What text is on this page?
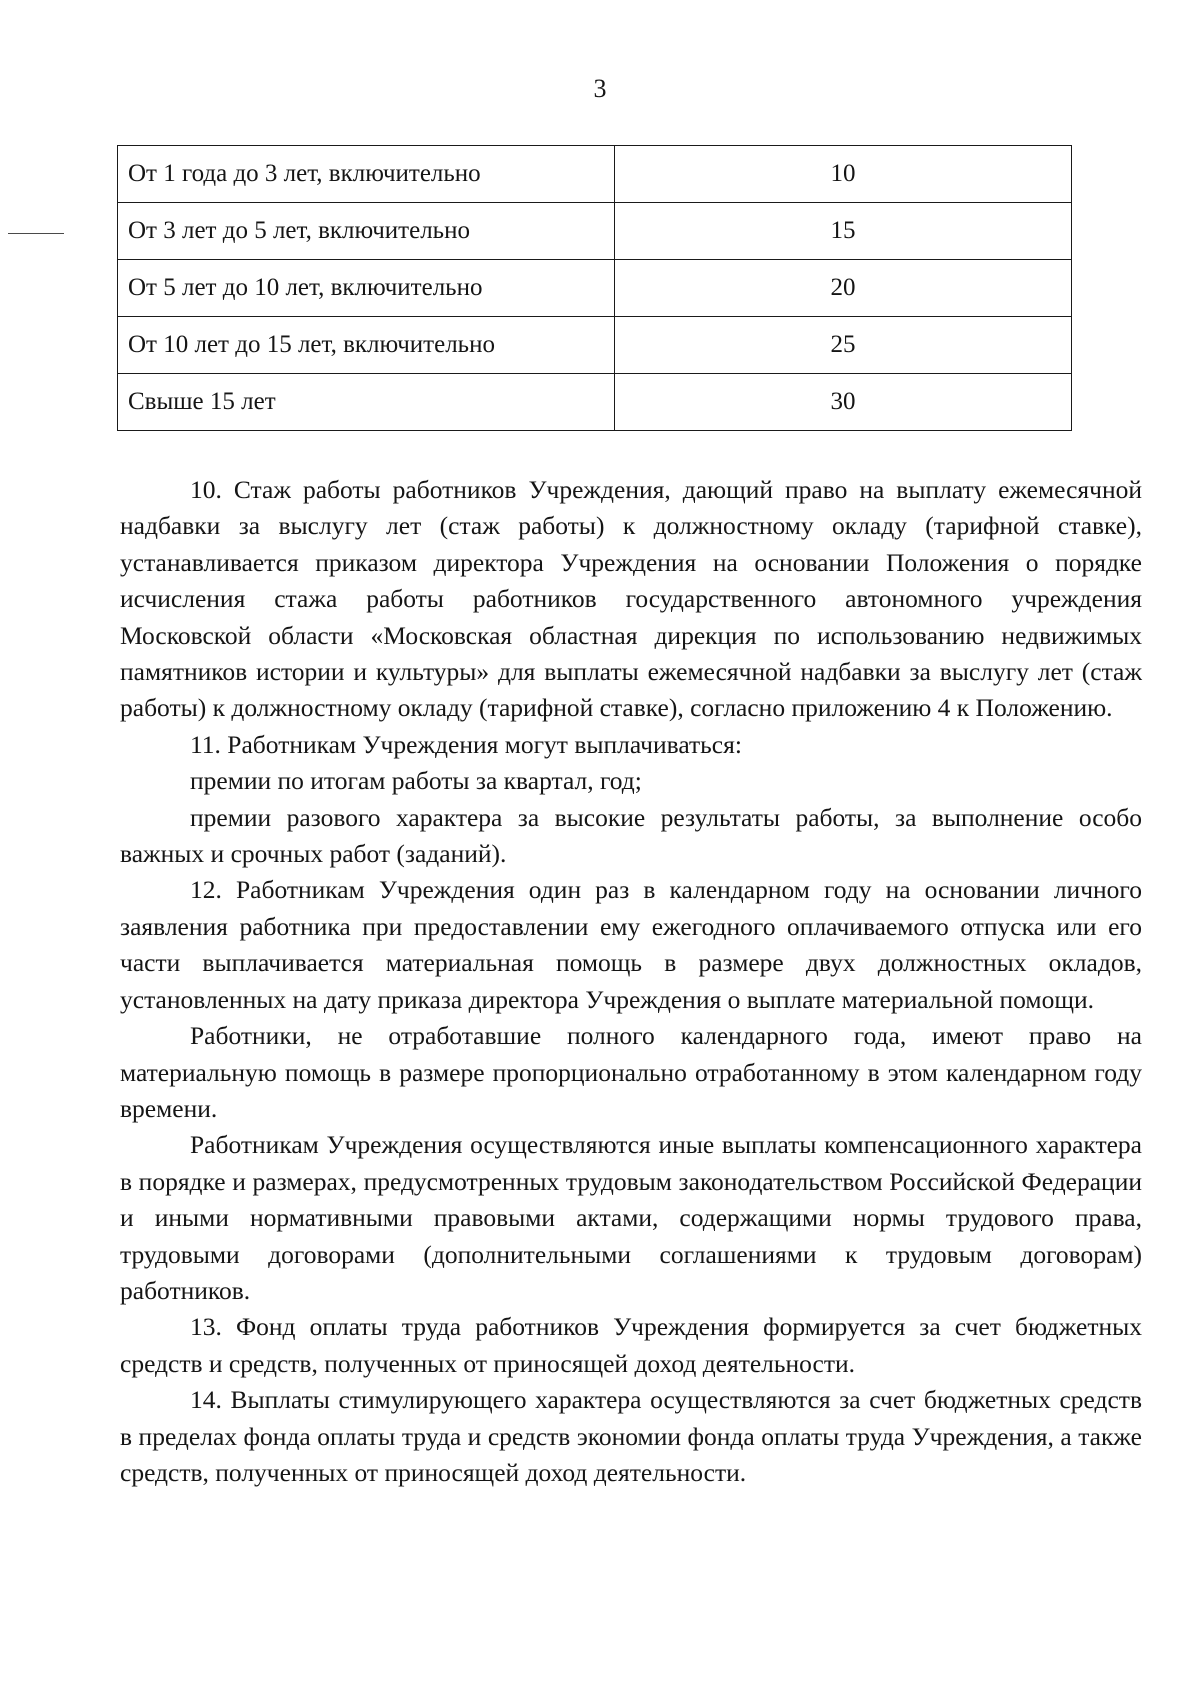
3
От 1 года до 3 лет, включительно	10
От 3 лет до 5 лет, включительно	15
От 5 лет до 10 лет, включительно	20
От 10 лет до 15 лет, включительно	25
Свыше 15 лет	30

10. Стаж работы работников Учреждения, дающий право на выплату ежемесячной надбавки за выслугу лет (стаж работы) к должностному окладу (тарифной ставке), устанавливается приказом директора Учреждения на основании Положения о порядке исчисления стажа работы работников государственного автономного учреждения Московской области «Московская областная дирекция по использованию недвижимых памятников истории и культуры» для выплаты ежемесячной надбавки за выслугу лет (стаж работы) к должностному окладу (тарифной ставке), согласно приложению 4 к Положению.

11. Работникам Учреждения могут выплачиваться:

премии по итогам работы за квартал, год;

премии разового характера за высокие результаты работы, за выполнение особо важных и срочных работ (заданий).

12. Работникам Учреждения один раз в календарном году на основании личного заявления работника при предоставлении ему ежегодного оплачиваемого отпуска или его части выплачивается материальная помощь в размере двух должностных окладов, установленных на дату приказа директора Учреждения о выплате материальной помощи.

Работники, не отработавшие полного календарного года, имеют право на материальную помощь в размере пропорционально отработанному в этом календарном году времени.

Работникам Учреждения осуществляются иные выплаты компенсационного характера в порядке и размерах, предусмотренных трудовым законодательством Российской Федерации и иными нормативными правовыми актами, содержащими нормы трудового права, трудовыми договорами (дополнительными соглашениями к трудовым договорам) работников.

13. Фонд оплаты труда работников Учреждения формируется за счет бюджетных средств и средств, полученных от приносящей доход деятельности.

14. Выплаты стимулирующего характера осуществляются за счет бюджетных средств в пределах фонда оплаты труда и средств экономии фонда оплаты труда Учреждения, а также средств, полученных от приносящей доход деятельности.
